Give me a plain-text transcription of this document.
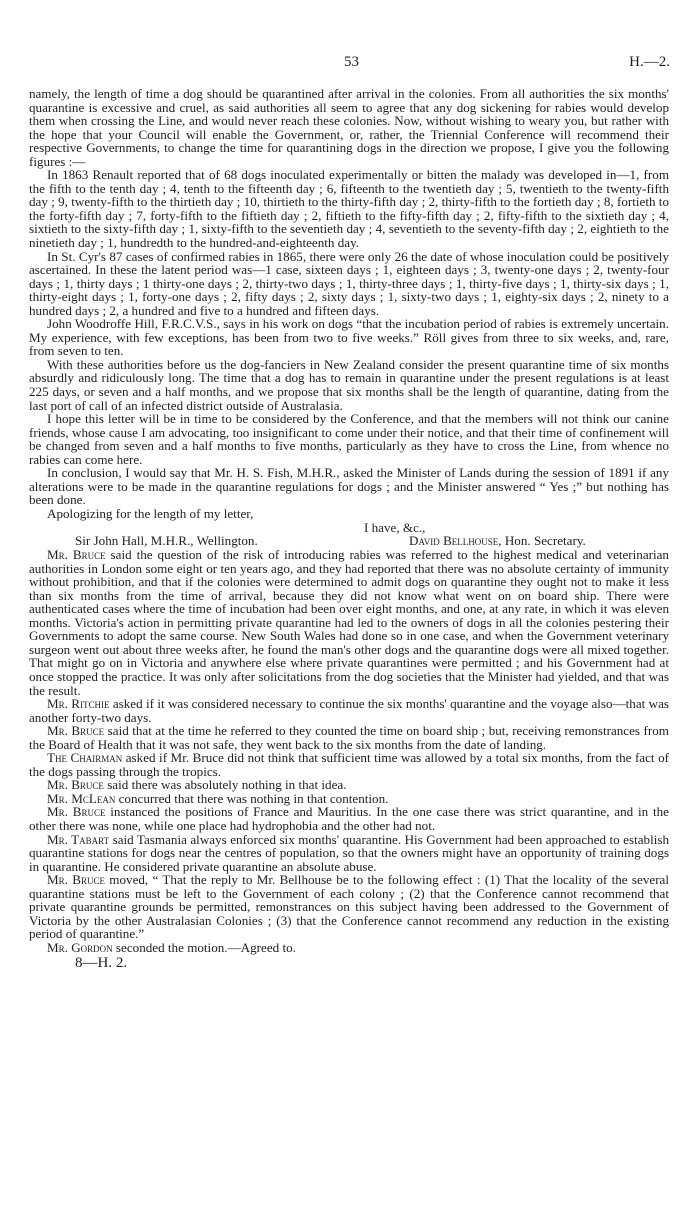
53	H.—2.

namely, the length of time a dog should be quarantined after arrival in the colonies. From all authorities the six months' quarantine is excessive and cruel, as said authorities all seem to agree that any dog sickening for rabies would develop them when crossing the Line, and would never reach these colonies. Now, without wishing to weary you, but rather with the hope that your Council will enable the Government, or, rather, the Triennial Conference will recommend their respective Governments, to change the time for quarantining dogs in the direction we propose, I give you the following figures :—

In 1863 Renault reported that of 68 dogs inoculated experimentally or bitten the malady was developed in—1, from the fifth to the tenth day ; 4, tenth to the fifteenth day ; 6, fifteenth to the twentieth day ; 5, twentieth to the twenty-fifth day ; 9, twenty-fifth to the thirtieth day ; 10, thirtieth to the thirty-fifth day ; 2, thirty-fifth to the fortieth day ; 8, fortieth to the forty-fifth day ; 7, forty-fifth to the fiftieth day ; 2, fiftieth to the fifty-fifth day ; 2, fifty-fifth to the sixtieth day ; 4, sixtieth to the sixty-fifth day ; 1, sixty-fifth to the seventieth day ; 4, seventieth to the seventy-fifth day ; 2, eightieth to the ninetieth day ; 1, hundredth to the hundred-and-eighteenth day.

In St. Cyr's 87 cases of confirmed rabies in 1865, there were only 26 the date of whose inoculation could be positively ascertained. In these the latent period was—1 case, sixteen days ; 1, eighteen days ; 3, twenty-one days ; 2, twenty-four days ; 1, thirty days ; 1 thirty-one days ; 2, thirty-two days ; 1, thirty-three days ; 1, thirty-five days ; 1, thirty-six days ; 1, thirty-eight days ; 1, forty-one days ; 2, fifty days ; 2, sixty days ; 1, sixty-two days ; 1, eighty-six days ; 2, ninety to a hundred days ; 2, a hundred and five to a hundred and fifteen days.

John Woodroffe Hill, F.R.C.V.S., says in his work on dogs “that the incubation period of rabies is extremely uncertain. My experience, with few exceptions, has been from two to five weeks.” Röll gives from three to six weeks, and, rare, from seven to ten.

With these authorities before us the dog-fanciers in New Zealand consider the present quarantine time of six months absurdly and ridiculously long. The time that a dog has to remain in quarantine under the present regulations is at least 225 days, or seven and a half months, and we propose that six months shall be the length of quarantine, dating from the last port of call of an infected district outside of Australasia.

I hope this letter will be in time to be considered by the Conference, and that the members will not think our canine friends, whose cause I am advocating, too insignificant to come under their notice, and that their time of confinement will be changed from seven and a half months to five months, particularly as they have to cross the Line, from whence no rabies can come here.

In conclusion, I would say that Mr. H. S. Fish, M.H.R., asked the Minister of Lands during the session of 1891 if any alterations were to be made in the quarantine regulations for dogs ; and the Minister answered “ Yes ;” but nothing has been done.

Apologizing for the length of my letter,

I have, &c.,

Sir John Hall, M.H.R., Wellington.	David Bellhouse, Hon. Secretary.

Mr. Bruce said the question of the risk of introducing rabies was referred to the highest medical and veterinarian authorities in London some eight or ten years ago, and they had reported that there was no absolute certainty of immunity without prohibition, and that if the colonies were determined to admit dogs on quarantine they ought not to make it less than six months from the time of arrival, because they did not know what went on on board ship. There were authenticated cases where the time of incubation had been over eight months, and one, at any rate, in which it was eleven months. Victoria's action in permitting private quarantine had led to the owners of dogs in all the colonies pestering their Governments to adopt the same course. New South Wales had done so in one case, and when the Government veterinary surgeon went out about three weeks after, he found the man's other dogs and the quarantine dogs were all mixed together. That might go on in Victoria and anywhere else where private quarantines were permitted ; and his Government had at once stopped the practice. It was only after solicitations from the dog societies that the Minister had yielded, and that was the result.

Mr. Ritchie asked if it was considered necessary to continue the six months' quarantine and the voyage also—that was another forty-two days.

Mr. Bruce said that at the time he referred to they counted the time on board ship ; but, receiving remonstrances from the Board of Health that it was not safe, they went back to the six months from the date of landing.

The Chairman asked if Mr. Bruce did not think that sufficient time was allowed by a total six months, from the fact of the dogs passing through the tropics.

Mr. Bruce said there was absolutely nothing in that idea.

Mr. McLean concurred that there was nothing in that contention.

Mr. Bruce instanced the positions of France and Mauritius. In the one case there was strict quarantine, and in the other there was none, while one place had hydrophobia and the other had not.

Mr. Tabart said Tasmania always enforced six months' quarantine. His Government had been approached to establish quarantine stations for dogs near the centres of population, so that the owners might have an opportunity of training dogs in quarantine. He considered private quarantine an absolute abuse.

Mr. Bruce moved, “ That the reply to Mr. Bellhouse be to the following effect : (1) That the locality of the several quarantine stations must be left to the Government of each colony ; (2) that the Conference cannot recommend that private quarantine grounds be permitted, remonstrances on this subject having been addressed to the Government of Victoria by the other Australasian Colonies ; (3) that the Conference cannot recommend any reduction in the existing period of quarantine.”

Mr. Gordon seconded the motion.—Agreed to.

8—H. 2.
